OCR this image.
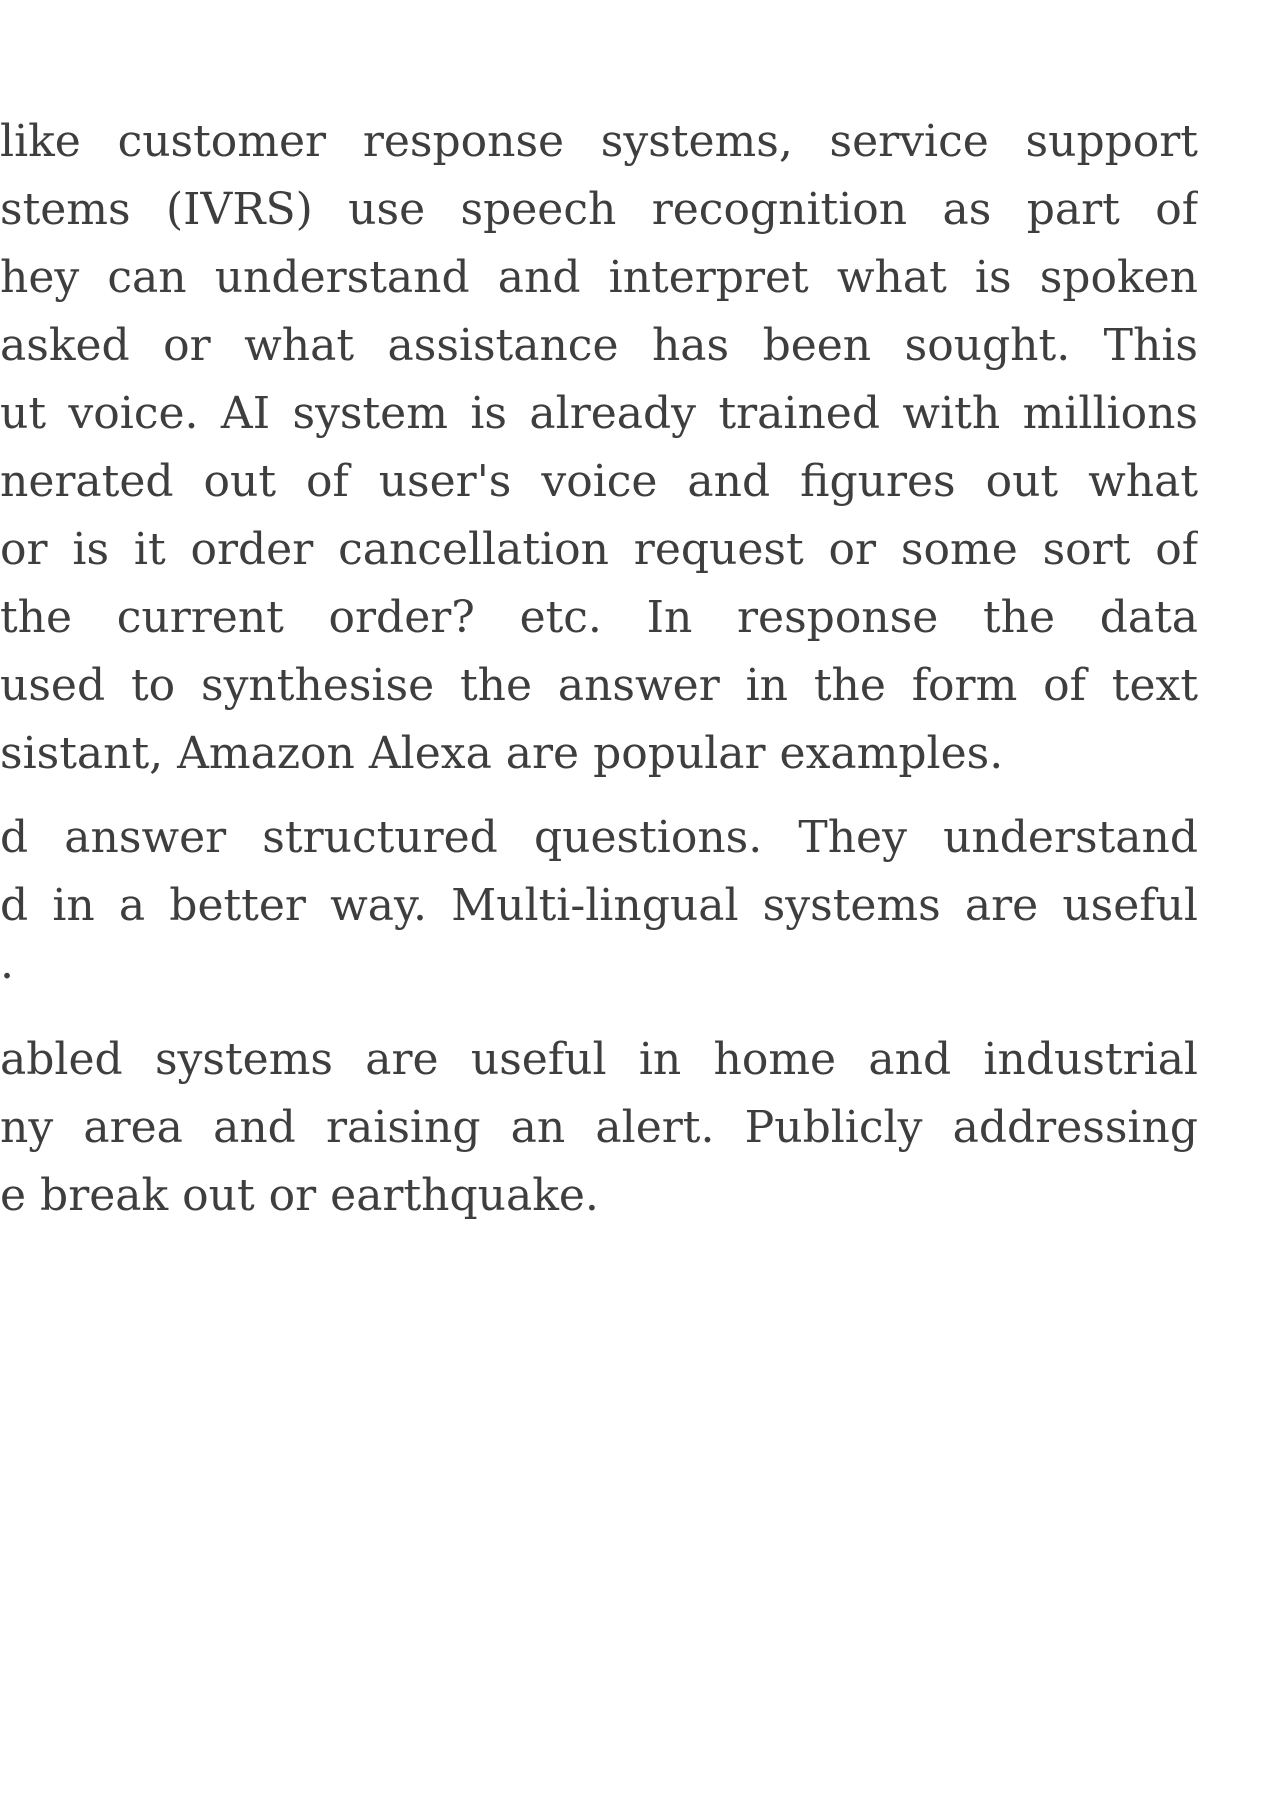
like customer response systems, service support
stems (IVRS) use speech recognition as part of
hey can understand and interpret what is spoken
asked or what assistance has been sought. This
ut voice. AI system is already trained with millions
nerated out of user's voice and figures out what
or is it order cancellation request or some sort of
the current order? etc. In response the data
used to synthesise the answer in the form of text
sistant, Amazon Alexa are popular examples.
d answer structured questions. They understand
d in a better way. Multi-lingual systems are useful
.
abled systems are useful in home and industrial
ny area and raising an alert. Publicly addressing
e break out or earthquake.
